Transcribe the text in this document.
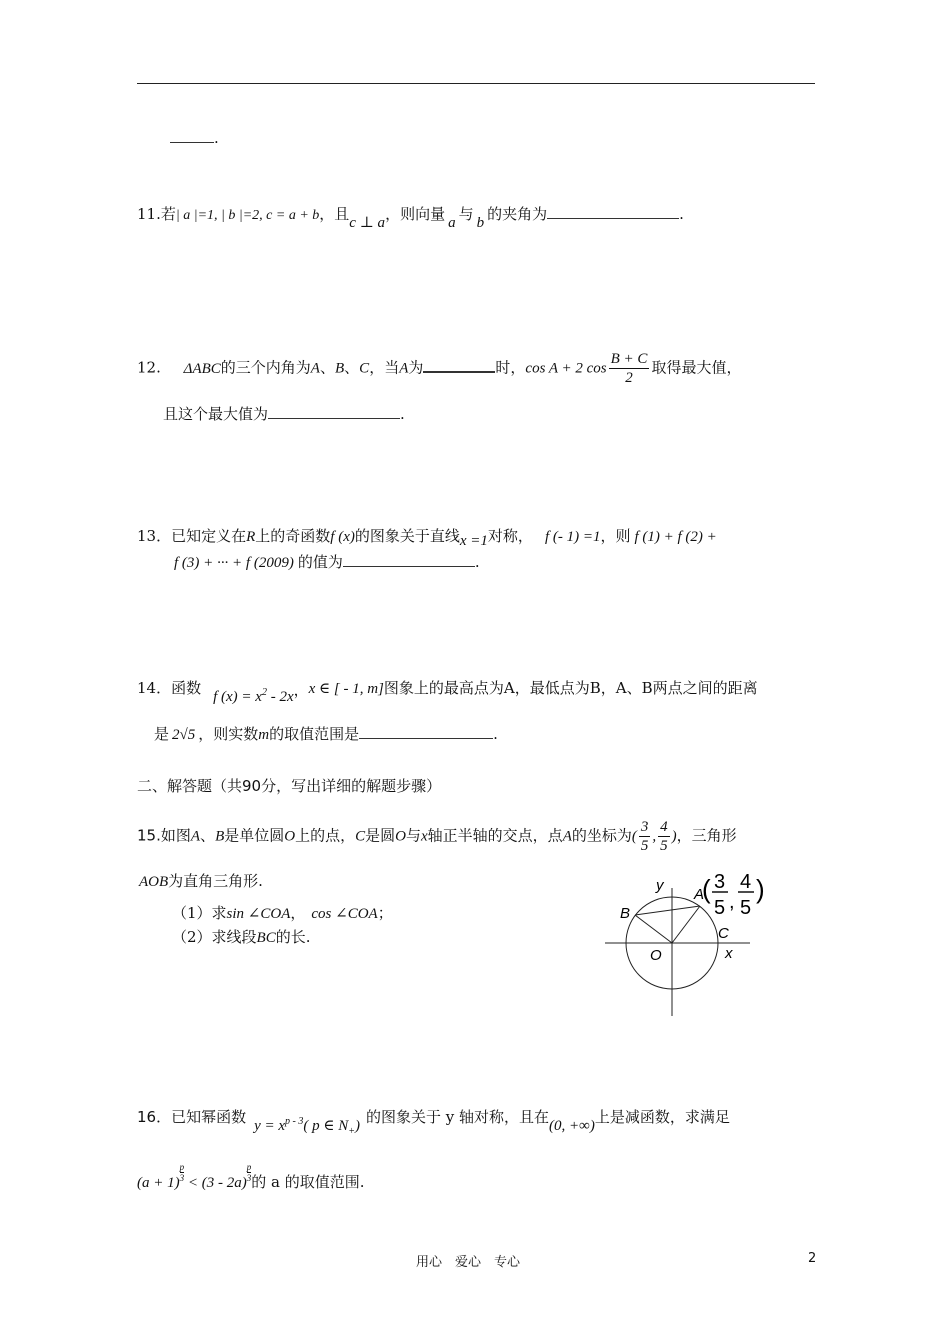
.
11.若| a |=1, | b |=2, c = a + b，且c ⊥ a，则向量 a 与 b 的夹角为	.
12. ΔABC的三个内角为A、B、C，当A为	时，cos A + 2 $\cos \frac{B + C}{2}$ 取得最大值，
且这个最大值为	.
13．已知定义在R上的奇函数f (x)的图象关于直线x =1对称， f (- 1) =1，则 f (1) + f (2) +
f (3) + ··· + f (2009) 的值为	.
14．函数 f $(x) = x^2 - 2x$，x ∈ [ - 1, m]图象上的最高点为A，最低点为B，A、B两点之间的距离
是 2√5 ，则实数m的取值范围是	.
二、解答题（共90分，写出详细的解题步骤）
15.如图A、B是单位圆O上的点，C是圆O与x轴正半轴的交点，点A的坐标为( $\frac{3}{5}$ , $\frac{4}{5}$ )，三角形
AOB为直角三角形.
（1）求sin ∠COA， cos ∠COA；
（2）求线段BC的长.
y
x
A
B
C
O
( 3
5 ,
4
5
)
16．已知幂函数 $y = x^{p - 3}$( p ∈ $N_+$) 的图象关于 y 轴对称，且在(0, +∞)上是减函数，求满足
$(a + 1) \frac{p}{3} < (3 - 2a) \frac{p}{3}$ 的 a 的取值范围.
用心　爱心　专心	2
